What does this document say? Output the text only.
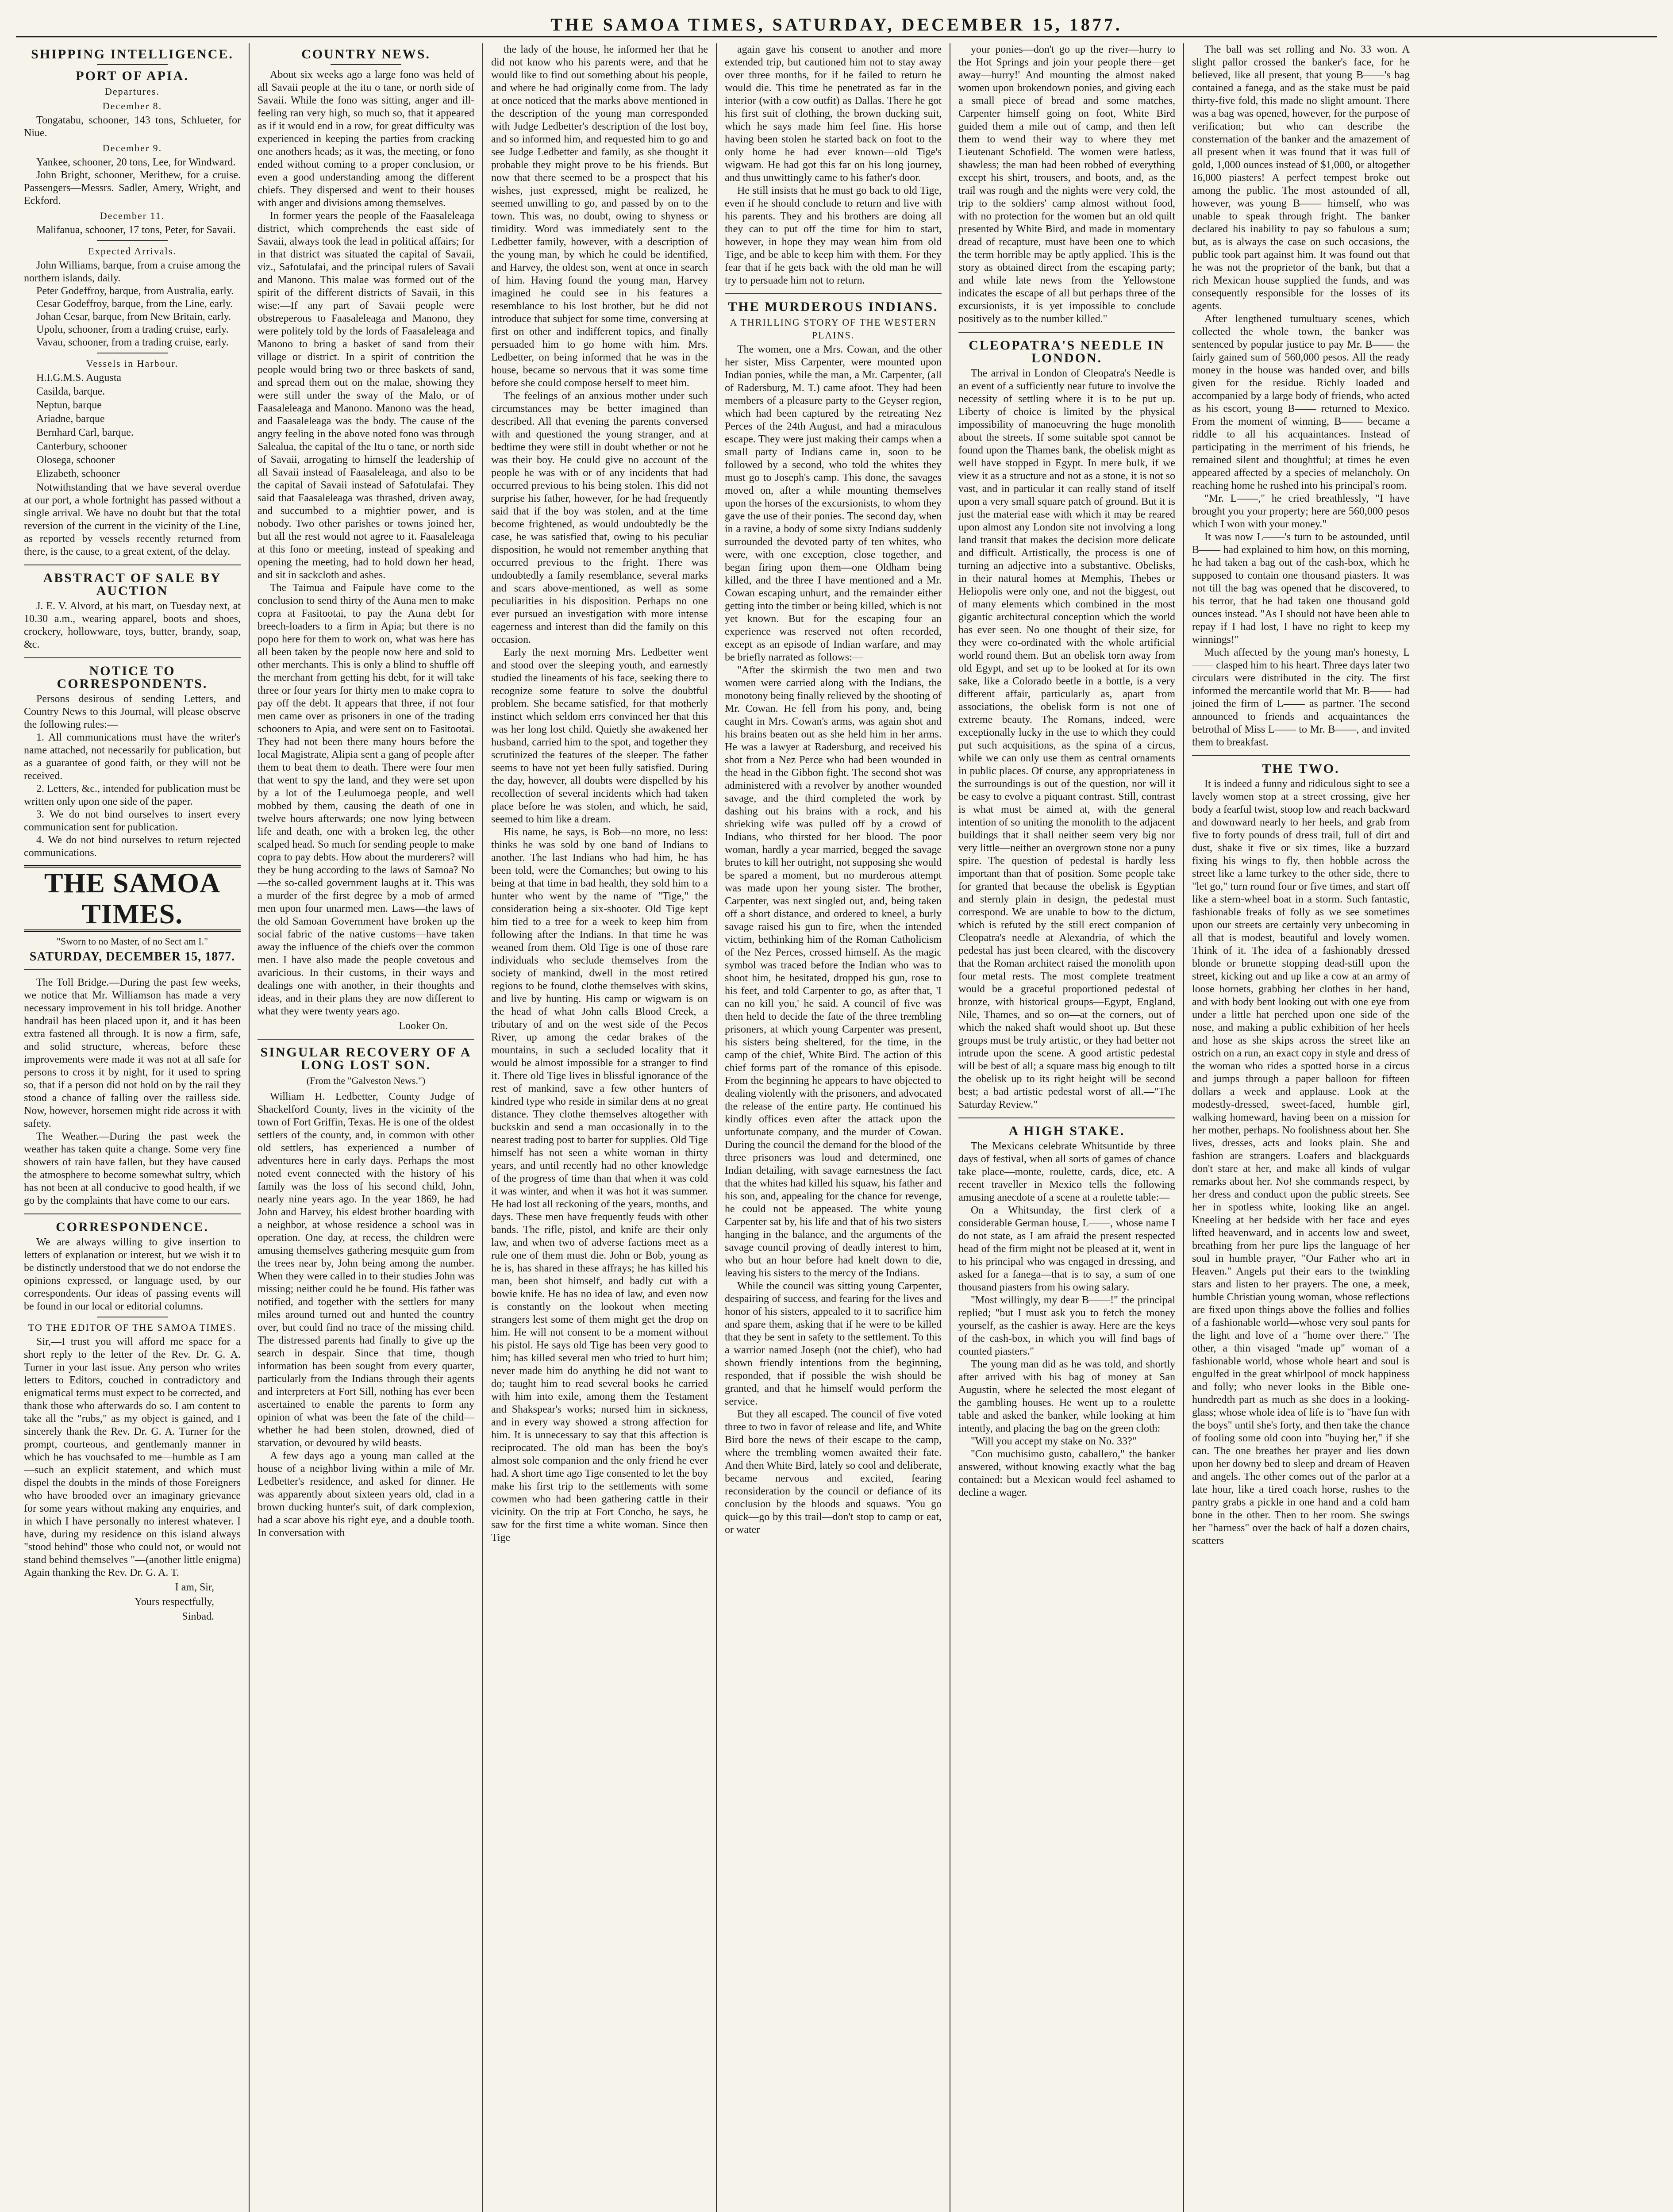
THE SAMOA TIMES, SATURDAY, DECEMBER 15, 1877.
SHIPPING INTELLIGENCE.
PORT OF APIA.
Departures.
December 8.

Tongatabu, schooner, 143 tons, Schlueter, for Niue.

December 9.

Yankee, schooner, 20 tons, Lee, for Windward.

John Bright, schooner, Merithew, for a cruise. Passengers—Messrs. Sadler, Amery, Wright, and Eckford.

December 11.

Malifanua, schooner, 17 tons, Peter, for Savaii.

Expected Arrivals.

John Williams, barque, from a cruise among the northern islands, daily.

Peter Godeffroy, barque, from Australia, early.

Cesar Godeffroy, barque, from the Line, early.

Johan Cesar, barque, from New Britain, early.

Upolu, schooner, from a trading cruise, early.

Vavau, schooner, from a trading cruise, early.

Vessels in Harbour.
H.I.G.M.S. Augusta
Casilda, barque.
Neptun, barque
Ariadne, barque
Bernhard Carl, barque.
Canterbury, schooner
Olosega, schooner
Elizabeth, schooner

Notwithstanding that we have several overdue at our port, a whole fortnight has passed without a single arrival. We have no doubt but that the total reversion of the current in the vicinity of the Line, as reported by vessels recently returned from there, is the cause, to a great extent, of the delay.

ABSTRACT OF SALE BY AUCTION

J. E. V. Alvord, at his mart, on Tuesday next, at 10.30 a.m., wearing apparel, boots and shoes, crockery, hollowware, toys, butter, brandy, soap, &c.

NOTICE TO CORRESPONDENTS.

Persons desirous of sending Letters, and Country News to this Journal, will please observe the following rules:—

1. All communications must have the writer's name attached, not necessarily for publication, but as a guarantee of good faith, or they will not be received.

2. Letters, &c., intended for publication must be written only upon one side of the paper.

3. We do not bind ourselves to insert every communication sent for publication.

4. We do not bind ourselves to return rejected communications.

THE SAMOA TIMES.
"Sworn to no Master, of no Sect am I."
SATURDAY, DECEMBER 15, 1877.

The Toll Bridge.—During the past few weeks, we notice that Mr. Williamson has made a very necessary improvement in his toll bridge. Another handrail has been placed upon it, and it has been extra fastened all through. It is now a firm, safe, and solid structure, whereas, before these improvements were made it was not at all safe for persons to cross it by night, for it used to spring so, that if a person did not hold on by the rail they stood a chance of falling over the railless side. Now, however, horsemen might ride across it with safety.

The Weather.—During the past week the weather has taken quite a change. Some very fine showers of rain have fallen, but they have caused the atmosphere to become somewhat sultry, which has not been at all conducive to good health, if we go by the complaints that have come to our ears.

CORRESPONDENCE.

We are always willing to give insertion to letters of explanation or interest, but we wish it to be distinctly understood that we do not endorse the opinions expressed, or language used, by our correspondents. Our ideas of passing events will be found in our local or editorial columns.

TO THE EDITOR OF THE SAMOA TIMES.

Sir,—I trust you will afford me space for a short reply to the letter of the Rev. Dr. G. A. Turner in your last issue. Any person who writes letters to Editors, couched in contradictory and enigmatical terms must expect to be corrected, and thank those who afterwards do so. I am content to take all the "rubs," as my object is gained, and I sincerely thank the Rev. Dr. G. A. Turner for the prompt, courteous, and gentlemanly manner in which he has vouchsafed to me—humble as I am—such an explicit statement, and which must dispel the doubts in the minds of those Foreigners who have brooded over an imaginary grievance for some years without making any enquiries, and in which I have personally no interest whatever. I have, during my residence on this island always "stood behind" those who could not, or would not stand behind themselves "—(another little enigma) Again thanking the Rev. Dr. G. A. T.

I am, Sir,
Yours respectfully,
Sinbad.
COUNTRY NEWS.

About six weeks ago a large fono was held of all Savaii people at the itu o tane, or north side of Savaii. While the fono was sitting, anger and ill-feeling ran very high, so much so, that it appeared as if it would end in a row, for great difficulty was experienced in keeping the parties from cracking one anothers heads; as it was, the meeting, or fono ended without coming to a proper conclusion, or even a good understanding among the different chiefs. They dispersed and went to their houses with anger and divisions among themselves.

In former years the people of the Faasaleleaga district, which comprehends the east side of Savaii, always took the lead in political affairs; for in that district was situated the capital of Savaii, viz., Safotulafai, and the principal rulers of Savaii and Manono. This malae was formed out of the spirit of the different districts of Savaii, in this wise:—If any part of Savaii people were obstreperous to Faasaleleaga and Manono, they were politely told by the lords of Faasaleleaga and Manono to bring a basket of sand from their village or district. In a spirit of contrition the people would bring two or three baskets of sand, and spread them out on the malae, showing they were still under the sway of the Malo, or of Faasaleleaga and Manono. Manono was the head, and Faasaleleaga was the body. The cause of the angry feeling in the above noted fono was through Salealua, the capital of the Itu o tane, or north side of Savaii, arrogating to himself the leadership of all Savaii instead of Faasaleleaga, and also to be the capital of Savaii instead of Safotulafai. They said that Faasaleleaga was thrashed, driven away, and succumbed to a mightier power, and is nobody. Two other parishes or towns joined her, but all the rest would not agree to it. Faasaleleaga at this fono or meeting, instead of speaking and opening the meeting, had to hold down her head, and sit in sackcloth and ashes.

The Taimua and Faipule have come to the conclusion to send thirty of the Auna men to make copra at Fasitootai, to pay the Auna debt for breech-loaders to a firm in Apia; but there is no popo here for them to work on, what was here has all been taken by the people now here and sold to other merchants. This is only a blind to shuffle off the merchant from getting his debt, for it will take three or four years for thirty men to make copra to pay off the debt. It appears that three, if not four men came over as prisoners in one of the trading schooners to Apia, and were sent on to Fasitootai. They had not been there many hours before the local Magistrate, Alipia sent a gang of people after them to beat them to death. There were four men that went to spy the land, and they were set upon by a lot of the Leulumoega people, and well mobbed by them, causing the death of one in twelve hours afterwards; one now lying between life and death, one with a broken leg, the other scalped head. So much for sending people to make copra to pay debts. How about the murderers? will they be hung according to the laws of Samoa? No—the so-called government laughs at it. This was a murder of the first degree by a mob of armed men upon four unarmed men. Laws—the laws of the old Samoan Government have broken up the social fabric of the native customs—have taken away the influence of the chiefs over the common men. I have also made the people covetous and avaricious. In their customs, in their ways and dealings one with another, in their thoughts and ideas, and in their plans they are now different to what they were twenty years ago.

Looker On.
SINGULAR RECOVERY OF A LONG LOST SON.
(From the "Galveston News.")

William H. Ledbetter, County Judge of Shackelford County, lives in the vicinity of the town of Fort Griffin, Texas. He is one of the oldest settlers of the county, and, in common with other old settlers, has experienced a number of adventures here in early days. Perhaps the most noted event connected with the history of his family was the loss of his second child, John, nearly nine years ago. In the year 1869, he had John and Harvey, his eldest brother boarding with a neighbor, at whose residence a school was in operation. One day, at recess, the children were amusing themselves gathering mesquite gum from the trees near by, John being among the number. When they were called in to their studies John was missing; neither could he be found. His father was notified, and together with the settlers for many miles around turned out and hunted the country over, but could find no trace of the missing child. The distressed parents had finally to give up the search in despair. Since that time, though information has been sought from every quarter, particularly from the Indians through their agents and interpreters at Fort Sill, nothing has ever been ascertained to enable the parents to form any opinion of what was been the fate of the child—whether he had been stolen, drowned, died of starvation, or devoured by wild beasts.

A few days ago a young man called at the house of a neighbor living within a mile of Mr. Ledbetter's residence, and asked for dinner. He was apparently about sixteen years old, clad in a brown ducking hunter's suit, of dark complexion, had a scar above his right eye, and a double tooth. In conversation with

the lady of the house, he informed her that he did not know who his parents were, and that he would like to find out something about his people, and where he had originally come from. The lady at once noticed that the marks above mentioned in the description of the young man corresponded with Judge Ledbetter's description of the lost boy, and so informed him, and requested him to go and see Judge Ledbetter and family, as she thought it probable they might prove to be his friends. But now that there seemed to be a prospect that his wishes, just expressed, might be realized, he seemed unwilling to go, and passed by on to the town. This was, no doubt, owing to shyness or timidity. Word was immediately sent to the Ledbetter family, however, with a description of the young man, by which he could be identified, and Harvey, the oldest son, went at once in search of him. Having found the young man, Harvey imagined he could see in his features a resemblance to his lost brother, but he did not introduce that subject for some time, conversing at first on other and indifferent topics, and finally persuaded him to go home with him. Mrs. Ledbetter, on being informed that he was in the house, became so nervous that it was some time before she could compose herself to meet him.

The feelings of an anxious mother under such circumstances may be better imagined than described. All that evening the parents conversed with and questioned the young stranger, and at bedtime they were still in doubt whether or not he was their boy. He could give no account of the people he was with or of any incidents that had occurred previous to his being stolen. This did not surprise his father, however, for he had frequently said that if the boy was stolen, and at the time become frightened, as would undoubtedly be the case, he was satisfied that, owing to his peculiar disposition, he would not remember anything that occurred previous to the fright. There was undoubtedly a family resemblance, several marks and scars above-mentioned, as well as some peculiarities in his disposition. Perhaps no one ever pursued an investigation with more intense eagerness and interest than did the family on this occasion.

Early the next morning Mrs. Ledbetter went and stood over the sleeping youth, and earnestly studied the lineaments of his face, seeking there to recognize some feature to solve the doubtful problem. She became satisfied, for that motherly instinct which seldom errs convinced her that this was her long lost child. Quietly she awakened her husband, carried him to the spot, and together they scrutinized the features of the sleeper. The father seems to have not yet been fully satisfied. During the day, however, all doubts were dispelled by his recollection of several incidents which had taken place before he was stolen, and which, he said, seemed to him like a dream.

His name, he says, is Bob—no more, no less: thinks he was sold by one band of Indians to another. The last Indians who had him, he has been told, were the Comanches; but owing to his being at that time in bad health, they sold him to a hunter who went by the name of "Tige," the consideration being a six-shooter. Old Tige kept him tied to a tree for a week to keep him from following after the Indians. In that time he was weaned from them. Old Tige is one of those rare individuals who seclude themselves from the society of mankind, dwell in the most retired regions to be found, clothe themselves with skins, and live by hunting. His camp or wigwam is on the head of what John calls Blood Creek, a tributary of and on the west side of the Pecos River, up among the cedar brakes of the mountains, in such a secluded locality that it would be almost impossible for a stranger to find it. There old Tige lives in blissful ignorance of the rest of mankind, save a few other hunters of kindred type who reside in similar dens at no great distance. They clothe themselves altogether with buckskin and send a man occasionally in to the nearest trading post to barter for supplies. Old Tige himself has not seen a white woman in thirty years, and until recently had no other knowledge of the progress of time than that when it was cold it was winter, and when it was hot it was summer. He had lost all reckoning of the years, months, and days. These men have frequently feuds with other bands. The rifle, pistol, and knife are their only law, and when two of adverse factions meet as a rule one of them must die. John or Bob, young as he is, has shared in these affrays; he has killed his man, been shot himself, and badly cut with a bowie knife. He has no idea of law, and even now is constantly on the lookout when meeting strangers lest some of them might get the drop on him. He will not consent to be a moment without his pistol. He says old Tige has been very good to him; has killed several men who tried to hurt him; never made him do anything he did not want to do; taught him to read several books he carried with him into exile, among them the Testament and Shakspear's works; nursed him in sickness, and in every way showed a strong affection for him. It is unnecessary to say that this affection is reciprocated. The old man has been the boy's almost sole companion and the only friend he ever had. A short time ago Tige consented to let the boy make his first trip to the settlements with some cowmen who had been gathering cattle in their vicinity. On the trip at Fort Concho, he says, he saw for the first time a white woman. Since then Tige

again gave his consent to another and more extended trip, but cautioned him not to stay away over three months, for if he failed to return he would die. This time he penetrated as far in the interior (with a cow outfit) as Dallas. There he got his first suit of clothing, the brown ducking suit, which he says made him feel fine. His horse having been stolen he started back on foot to the only home he had ever known—old Tige's wigwam. He had got this far on his long journey, and thus unwittingly came to his father's door.

He still insists that he must go back to old Tige, even if he should conclude to return and live with his parents. They and his brothers are doing all they can to put off the time for him to start, however, in hope they may wean him from old Tige, and be able to keep him with them. For they fear that if he gets back with the old man he will try to persuade him not to return.

THE MURDEROUS INDIANS.
A THRILLING STORY OF THE WESTERN PLAINS.

The women, one a Mrs. Cowan, and the other her sister, Miss Carpenter, were mounted upon Indian ponies, while the man, a Mr. Carpenter, (all of Radersburg, M. T.) came afoot. They had been members of a pleasure party to the Geyser region, which had been captured by the retreating Nez Perces of the 24th August, and had a miraculous escape. They were just making their camps when a small party of Indians came in, soon to be followed by a second, who told the whites they must go to Joseph's camp. This done, the savages moved on, after a while mounting themselves upon the horses of the excursionists, to whom they gave the use of their ponies. The second day, when in a ravine, a body of some sixty Indians suddenly surrounded the devoted party of ten whites, who were, with one exception, close together, and began firing upon them—one Oldham being killed, and the three I have mentioned and a Mr. Cowan escaping unhurt, and the remainder either getting into the timber or being killed, which is not yet known. But for the escaping four an experience was reserved not often recorded, except as an episode of Indian warfare, and may be briefly narrated as follows:—

"After the skirmish the two men and two women were carried along with the Indians, the monotony being finally relieved by the shooting of Mr. Cowan. He fell from his pony, and, being caught in Mrs. Cowan's arms, was again shot and his brains beaten out as she held him in her arms. He was a lawyer at Radersburg, and received his shot from a Nez Perce who had been wounded in the head in the Gibbon fight. The second shot was administered with a revolver by another wounded savage, and the third completed the work by dashing out his brains with a rock, and his shrieking wife was pulled off by a crowd of Indians, who thirsted for her blood. The poor woman, hardly a year married, begged the savage brutes to kill her outright, not supposing she would be spared a moment, but no murderous attempt was made upon her young sister. The brother, Carpenter, was next singled out, and, being taken off a short distance, and ordered to kneel, a burly savage raised his gun to fire, when the intended victim, bethinking him of the Roman Catholicism of the Nez Perces, crossed himself. As the magic symbol was traced before the Indian who was to shoot him, he hesitated, dropped his gun, rose to his feet, and told Carpenter to go, as after that, 'I can no kill you,' he said. A council of five was then held to decide the fate of the three trembling prisoners, at which young Carpenter was present, his sisters being sheltered, for the time, in the camp of the chief, White Bird. The action of this chief forms part of the romance of this episode. From the beginning he appears to have objected to dealing violently with the prisoners, and advocated the release of the entire party. He continued his kindly offices even after the attack upon the unfortunate company, and the murder of Cowan. During the council the demand for the blood of the three prisoners was loud and determined, one Indian detailing, with savage earnestness the fact that the whites had killed his squaw, his father and his son, and, appealing for the chance for revenge, he could not be appeased. The white young Carpenter sat by, his life and that of his two sisters hanging in the balance, and the arguments of the savage council proving of deadly interest to him, who but an hour before had knelt down to die, leaving his sisters to the mercy of the Indians.

While the council was sitting young Carpenter, despairing of success, and fearing for the lives and honor of his sisters, appealed to it to sacrifice him and spare them, asking that if he were to be killed that they be sent in safety to the settlement. To this a warrior named Joseph (not the chief), who had shown friendly intentions from the beginning, responded, that if possible the wish should be granted, and that he himself would perform the service.

But they all escaped. The council of five voted three to two in favor of release and life, and White Bird bore the news of their escape to the camp, where the trembling women awaited their fate. And then White Bird, lately so cool and deliberate, became nervous and excited, fearing reconsideration by the council or defiance of its conclusion by the bloods and squaws. 'You go quick—go by this trail—don't stop to camp or eat, or water

your ponies—don't go up the river—hurry to the Hot Springs and join your people there—get away—hurry!' And mounting the almost naked women upon brokendown ponies, and giving each a small piece of bread and some matches, Carpenter himself going on foot, White Bird guided them a mile out of camp, and then left them to wend their way to where they met Lieutenant Schofield. The women were hatless, shawless; the man had been robbed of everything except his shirt, trousers, and boots, and, as the trail was rough and the nights were very cold, the trip to the soldiers' camp almost without food, with no protection for the women but an old quilt presented by White Bird, and made in momentary dread of recapture, must have been one to which the term horrible may be aptly applied. This is the story as obtained direct from the escaping party; and while late news from the Yellowstone indicates the escape of all but perhaps three of the excursionists, it is yet impossible to conclude positively as to the number killed."

CLEOPATRA'S NEEDLE IN LONDON.

The arrival in London of Cleopatra's Needle is an event of a sufficiently near future to involve the necessity of settling where it is to be put up. Liberty of choice is limited by the physical impossibility of manoeuvring the huge monolith about the streets. If some suitable spot cannot be found upon the Thames bank, the obelisk might as well have stopped in Egypt. In mere bulk, if we view it as a structure and not as a stone, it is not so vast, and in particular it can really stand of itself upon a very small square patch of ground. But it is just the material ease with which it may be reared upon almost any London site not involving a long land transit that makes the decision more delicate and difficult. Artistically, the process is one of turning an adjective into a substantive. Obelisks, in their natural homes at Memphis, Thebes or Heliopolis were only one, and not the biggest, out of many elements which combined in the most gigantic architectural conception which the world has ever seen. No one thought of their size, for they were co-ordinated with the whole artificial world round them. But an obelisk torn away from old Egypt, and set up to be looked at for its own sake, like a Colorado beetle in a bottle, is a very different affair, particularly as, apart from associations, the obelisk form is not one of extreme beauty. The Romans, indeed, were exceptionally lucky in the use to which they could put such acquisitions, as the spina of a circus, while we can only use them as central ornaments in public places. Of course, any appropriateness in the surroundings is out of the question, nor will it be easy to evolve a piquant contrast. Still, contrast is what must be aimed at, with the general intention of so uniting the monolith to the adjacent buildings that it shall neither seem very big nor very little—neither an overgrown stone nor a puny spire. The question of pedestal is hardly less important than that of position. Some people take for granted that because the obelisk is Egyptian and sternly plain in design, the pedestal must correspond. We are unable to bow to the dictum, which is refuted by the still erect companion of Cleopatra's needle at Alexandria, of which the pedestal has just been cleared, with the discovery that the Roman architect raised the monolith upon four metal rests. The most complete treatment would be a graceful proportioned pedestal of bronze, with historical groups—Egypt, England, Nile, Thames, and so on—at the corners, out of which the naked shaft would shoot up. But these groups must be truly artistic, or they had better not intrude upon the scene. A good artistic pedestal will be best of all; a square mass big enough to tilt the obelisk up to its right height will be second best; a bad artistic pedestal worst of all.—"The Saturday Review."

A HIGH STAKE.

The Mexicans celebrate Whitsuntide by three days of festival, when all sorts of games of chance take place—monte, roulette, cards, dice, etc. A recent traveller in Mexico tells the following amusing anecdote of a scene at a roulette table:—

On a Whitsunday, the first clerk of a considerable German house, L——, whose name I do not state, as I am afraid the present respected head of the firm might not be pleased at it, went in to his principal who was engaged in dressing, and asked for a fanega—that is to say, a sum of one thousand piasters from his owing salary.

"Most willingly, my dear B——!" the principal replied; "but I must ask you to fetch the money yourself, as the cashier is away. Here are the keys of the cash-box, in which you will find bags of counted piasters."

The young man did as he was told, and shortly after arrived with his bag of money at San Augustin, where he selected the most elegant of the gambling houses. He went up to a roulette table and asked the banker, while looking at him intently, and placing the bag on the green cloth:

"Will you accept my stake on No. 33?"

"Con muchisimo gusto, caballero," the banker answered, without knowing exactly what the bag contained: but a Mexican would feel ashamed to decline a wager.

The ball was set rolling and No. 33 won. A slight pallor crossed the banker's face, for he believed, like all present, that young B——'s bag contained a fanega, and as the stake must be paid thirty-five fold, this made no slight amount. There was a bag was opened, however, for the purpose of verification; but who can describe the consternation of the banker and the amazement of all present when it was found that it was full of gold, 1,000 ounces instead of $1,000, or altogether 16,000 piasters! A perfect tempest broke out among the public. The most astounded of all, however, was young B—— himself, who was unable to speak through fright. The banker declared his inability to pay so fabulous a sum; but, as is always the case on such occasions, the public took part against him. It was found out that he was not the proprietor of the bank, but that a rich Mexican house supplied the funds, and was consequently responsible for the losses of its agents.

After lengthened tumultuary scenes, which collected the whole town, the banker was sentenced by popular justice to pay Mr. B—— the fairly gained sum of 560,000 pesos. All the ready money in the house was handed over, and bills given for the residue. Richly loaded and accompanied by a large body of friends, who acted as his escort, young B—— returned to Mexico. From the moment of winning, B—— became a riddle to all his acquaintances. Instead of participating in the merriment of his friends, he remained silent and thoughtful; at times he even appeared affected by a species of melancholy. On reaching home he rushed into his principal's room.

"Mr. L——," he cried breathlessly, "I have brought you your property; here are 560,000 pesos which I won with your money."

It was now L——'s turn to be astounded, until B—— had explained to him how, on this morning, he had taken a bag out of the cash-box, which he supposed to contain one thousand piasters. It was not till the bag was opened that he discovered, to his terror, that he had taken one thousand gold ounces instead. "As I should not have been able to repay if I had lost, I have no right to keep my winnings!"

Much affected by the young man's honesty, L—— clasped him to his heart. Three days later two circulars were distributed in the city. The first informed the mercantile world that Mr. B—— had joined the firm of L—— as partner. The second announced to friends and acquaintances the betrothal of Miss L—— to Mr. B——, and invited them to breakfast.

THE TWO.

It is indeed a funny and ridiculous sight to see a lavely women stop at a street crossing, give her body a fearful twist, stoop low and reach backward and downward nearly to her heels, and grab from five to forty pounds of dress trail, full of dirt and dust, shake it five or six times, like a buzzard fixing his wings to fly, then hobble across the street like a lame turkey to the other side, there to "let go," turn round four or five times, and start off like a stern-wheel boat in a storm. Such fantastic, fashionable freaks of folly as we see sometimes upon our streets are certainly very unbecoming in all that is modest, beautiful and lovely women. Think of it. The idea of a fashionably dressed blonde or brunette stopping dead-still upon the street, kicking out and up like a cow at an army of loose hornets, grabbing her clothes in her hand, and with body bent looking out with one eye from under a little hat perched upon one side of the nose, and making a public exhibition of her heels and hose as she skips across the street like an ostrich on a run, an exact copy in style and dress of the woman who rides a spotted horse in a circus and jumps through a paper balloon for fifteen dollars a week and applause. Look at the modestly-dressed, sweet-faced, humble girl, walking homeward, having been on a mission for her mother, perhaps. No foolishness about her. She lives, dresses, acts and looks plain. She and fashion are strangers. Loafers and blackguards don't stare at her, and make all kinds of vulgar remarks about her. No! she commands respect, by her dress and conduct upon the public streets. See her in spotless white, looking like an angel. Kneeling at her bedside with her face and eyes lifted heavenward, and in accents low and sweet, breathing from her pure lips the language of her soul in humble prayer, "Our Father who art in Heaven." Angels put their ears to the twinkling stars and listen to her prayers. The one, a meek, humble Christian young woman, whose reflections are fixed upon things above the follies and follies of a fashionable world—whose very soul pants for the light and love of a "home over there." The other, a thin visaged "made up" woman of a fashionable world, whose whole heart and soul is engulfed in the great whirlpool of mock happiness and folly; who never looks in the Bible one-hundredth part as much as she does in a looking-glass; whose whole idea of life is to "have fun with the boys" until she's forty, and then take the chance of fooling some old coon into "buying her," if she can. The one breathes her prayer and lies down upon her downy bed to sleep and dream of Heaven and angels. The other comes out of the parlor at a late hour, like a tired coach horse, rushes to the pantry grabs a pickle in one hand and a cold ham bone in the other. Then to her room. She swings her "harness" over the back of half a dozen chairs, scatters
